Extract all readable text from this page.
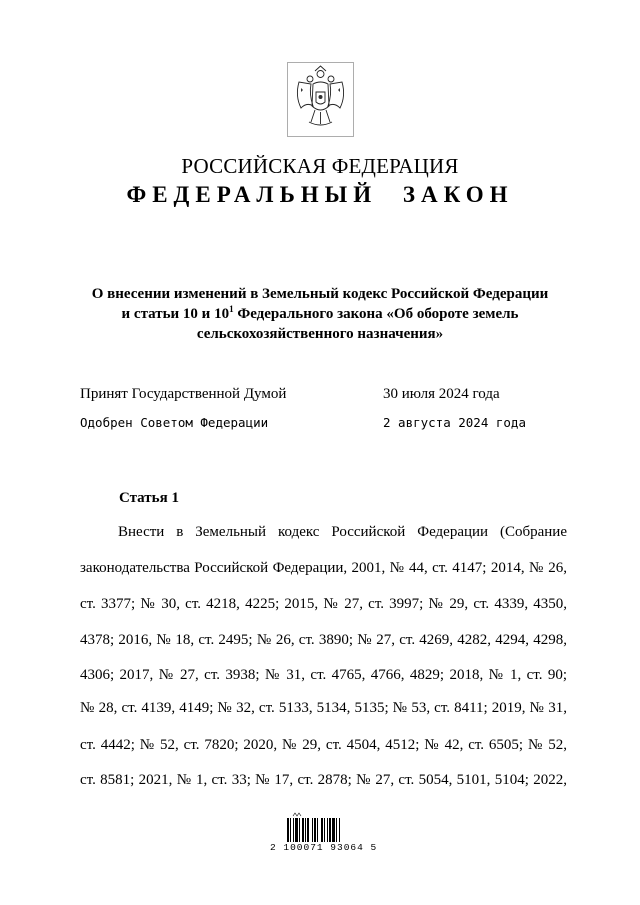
РОССИЙСКАЯ ФЕДЕРАЦИЯ
ФЕДЕРАЛЬНЫЙ ЗАКОН
О внесении изменений в Земельный кодекс Российской Федерации
и статьи 10 и $10^1$ Федерального закона «Об обороте земель
сельскохозяйственного назначения»
Принят Государственной Думой	30 июля 2024 года
Одобрен Советом Федерации	2 августа 2024 года
Статья 1
Внести в Земельный кодекс Российской Федерации (Собрание
законодательства Российской Федерации, 2001, № 44, ст. 4147; 2014, № 26,
ст. 3377; № 30, ст. 4218, 4225; 2015, № 27, ст. 3997; № 29, ст. 4339, 4350,
4378; 2016, № 18, ст. 2495; № 26, ст. 3890; № 27, ст. 4269, 4282, 4294, 4298,
4306; 2017, № 27, ст. 3938; № 31, ст. 4765, 4766, 4829; 2018, № 1, ст. 90;
№ 28, ст. 4139, 4149; № 32, ст. 5133, 5134, 5135; № 53, ст. 8411; 2019, № 31,
ст. 4442; № 52, ст. 7820; 2020, № 29, ст. 4504, 4512; № 42, ст. 6505; № 52,
ст. 8581; 2021, № 1, ст. 33; № 17, ст. 2878; № 27, ст. 5054, 5101, 5104; 2022,
2 100071 93064 5
